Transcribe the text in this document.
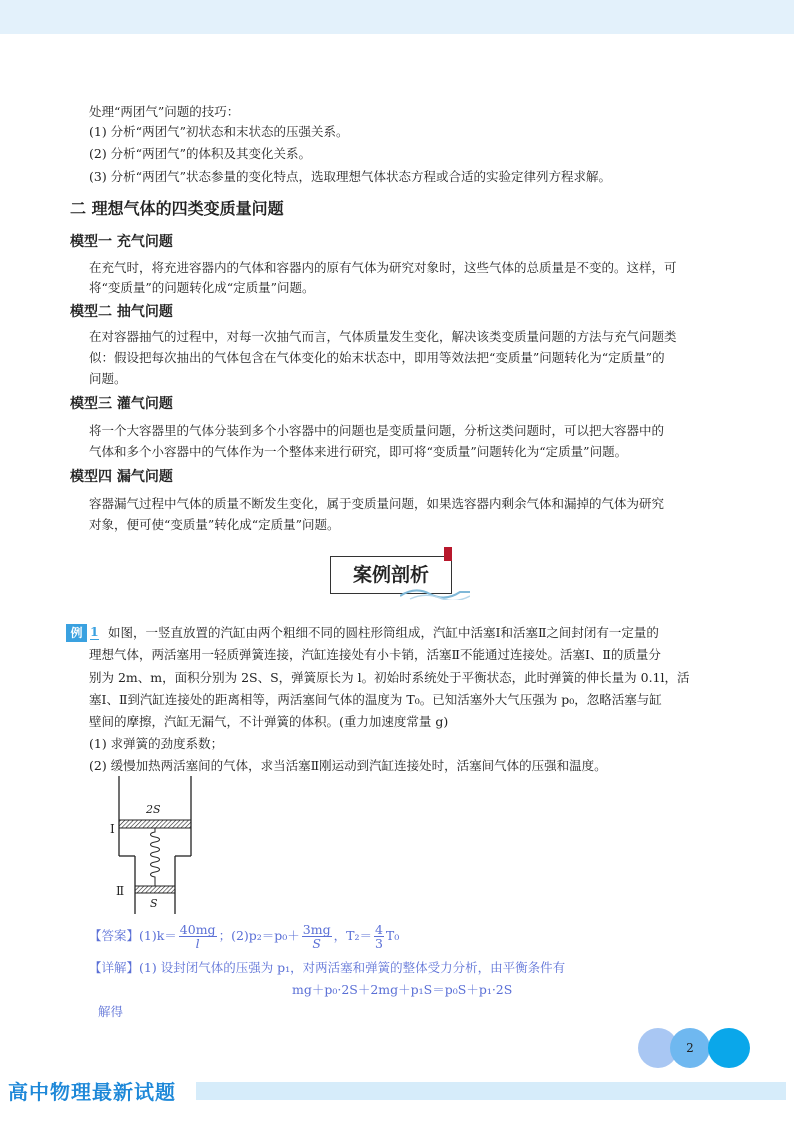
处理“两团气”问题的技巧：
(1) 分析“两团气”初状态和末状态的压强关系。
(2) 分析“两团气”的体积及其变化关系。
(3) 分析“两团气”状态参量的变化特点，选取理想气体状态方程或合适的实验定律列方程求解。
二 理想气体的四类变质量问题
模型一 充气问题
在充气时，将充进容器内的气体和容器内的原有气体为研究对象时，这些气体的总质量是不变的。这样，可
将“变质量”的问题转化成“定质量”问题。
模型二 抽气问题
在对容器抽气的过程中，对每一次抽气而言，气体质量发生变化，解决该类变质量问题的方法与充气问题类
似：假设把每次抽出的气体包含在气体变化的始末状态中，即用等效法把“变质量”问题转化为“定质量”的
问题。
模型三 灌气问题
将一个大容器里的气体分装到多个小容器中的问题也是变质量问题，分析这类问题时，可以把大容器中的
气体和多个小容器中的气体作为一个整体来进行研究，即可将“变质量”问题转化为“定质量”问题。
模型四 漏气问题
容器漏气过程中气体的质量不断发生变化，属于变质量问题，如果选容器内剩余气体和漏掉的气体为研究
对象，便可使“变质量”转化成“定质量”问题。
案例剖析
例 1 如图，一竖直放置的汽缸由两个粗细不同的圆柱形筒组成，汽缸中活塞Ⅰ和活塞Ⅱ之间封闭有一定量的
理想气体，两活塞用一轻质弹簧连接，汽缸连接处有小卡销，活塞Ⅱ不能通过连接处。活塞Ⅰ、Ⅱ的质量分
别为 2m、m，面积分别为 2S、S，弹簧原长为 l。初始时系统处于平衡状态，此时弹簧的伸长量为 0.1l，活
塞Ⅰ、Ⅱ到汽缸连接处的距离相等，两活塞间气体的温度为 T₀。已知活塞外大气压强为 p₀，忽略活塞与缸
壁间的摩擦，汽缸无漏气，不计弹簧的体积。(重力加速度常量 g)
(1) 求弹簧的劲度系数；
(2) 缓慢加热两活塞间的气体，求当活塞Ⅱ刚运动到汽缸连接处时，活塞间气体的压强和温度。
2S
S
Ⅰ
Ⅱ
【答案】$(1)k= \frac{40mg}{l}$ ；$(2)p_2=p_0+ \frac{3mg}{S}$ ，$T_2= \frac{4}{3} T_0$
【详解】(1) 设封闭气体的压强为 p₁，对两活塞和弹簧的整体受力分析，由平衡条件有
mg＋p₀·2S＋2mg＋p₁S＝p₀S＋p₁·2S
解得
2
高中物理最新试题
